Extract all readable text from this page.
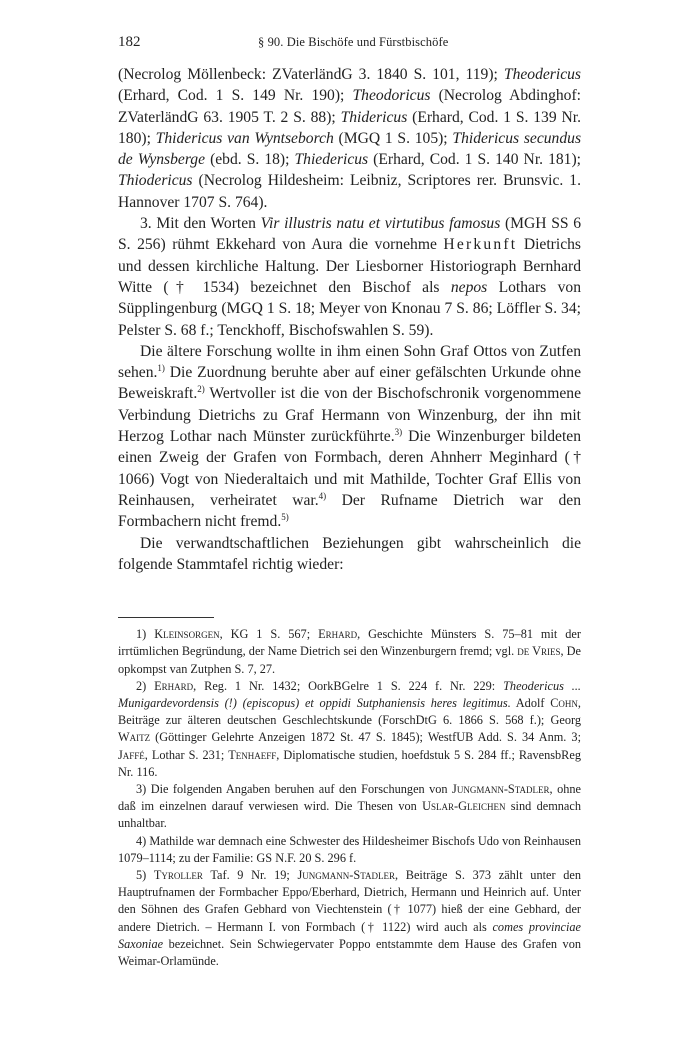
182	§ 90. Die Bischöfe und Fürstbischöfe

(Necrolog Möllenbeck: ZVaterländG 3. 1840 S. 101, 119); Theodericus (Erhard, Cod. 1 S. 149 Nr. 190); Theodoricus (Necrolog Abdinghof: ZVaterländG 63. 1905 T. 2 S. 88); Thidericus (Erhard, Cod. 1 S. 139 Nr. 180); Thidericus van Wyntseborch (MGQ 1 S. 105); Thidericus secundus de Wynsberge (ebd. S. 18); Thiedericus (Erhard, Cod. 1 S. 140 Nr. 181); Thiodericus (Necrolog Hildesheim: Leibniz, Scriptores rer. Brunsvic. 1. Hannover 1707 S. 764).

3. Mit den Worten Vir illustris natu et virtutibus famosus (MGH SS 6 S. 256) rühmt Ekkehard von Aura die vornehme Herkunft Dietrichs und dessen kirchliche Haltung. Der Liesborner Historiograph Bernhard Witte († 1534) bezeichnet den Bischof als nepos Lothars von Süpplingenburg (MGQ 1 S. 18; Meyer von Knonau 7 S. 86; Löffler S. 34; Pelster S. 68 f.; Tenckhoff, Bischofswahlen S. 59).

Die ältere Forschung wollte in ihm einen Sohn Graf Ottos von Zutfen sehen.$^{1)}$ Die Zuordnung beruhte aber auf einer gefälschten Urkunde ohne Beweiskraft.$^{2)}$ Wertvoller ist die von der Bischofschronik vorgenommene Verbindung Dietrichs zu Graf Hermann von Winzenburg, der ihn mit Herzog Lothar nach Münster zurückführte.$^{3)}$ Die Winzenburger bildeten einen Zweig der Grafen von Formbach, deren Ahnherr Meginhard († 1066) Vogt von Niederaltaich und mit Mathilde, Tochter Graf Ellis von Reinhausen, verheiratet war.$^{4)}$ Der Rufname Dietrich war den Formbachern nicht fremd.$^{5)}$

Die verwandtschaftlichen Beziehungen gibt wahrscheinlich die folgende Stammtafel richtig wieder:

1) Kleinsorgen, KG 1 S. 567; Erhard, Geschichte Münsters S. 75–81 mit der irrtümlichen Begründung, der Name Dietrich sei den Winzenburgern fremd; vgl. de Vries, De opkompst van Zutphen S. 7, 27.

2) Erhard, Reg. 1 Nr. 1432; OorkBGelre 1 S. 224 f. Nr. 229: Theodericus ... Munigardevordensis (!) (episcopus) et oppidi Sutphaniensis heres legitimus. Adolf Cohn, Beiträge zur älteren deutschen Geschlechtskunde (ForschDtG 6. 1866 S. 568 f.); Georg Waitz (Göttinger Gelehrte Anzeigen 1872 St. 47 S. 1845); WestfUB Add. S. 34 Anm. 3; Jaffé, Lothar S. 231; Tenhaeff, Diplomatische studien, hoefdstuk 5 S. 284 ff.; RavensbReg Nr. 116.

3) Die folgenden Angaben beruhen auf den Forschungen von Jungmann-Stadler, ohne daß im einzelnen darauf verwiesen wird. Die Thesen von Uslar-Gleichen sind demnach unhaltbar.

4) Mathilde war demnach eine Schwester des Hildesheimer Bischofs Udo von Reinhausen 1079–1114; zu der Familie: GS N.F. 20 S. 296 f.

5) Tyroller Taf. 9 Nr. 19; Jungmann-Stadler, Beiträge S. 373 zählt unter den Hauptrufnamen der Formbacher Eppo/Eberhard, Dietrich, Hermann und Heinrich auf. Unter den Söhnen des Grafen Gebhard von Viechtenstein († 1077) hieß der eine Gebhard, der andere Dietrich. – Hermann I. von Formbach († 1122) wird auch als comes provinciae Saxoniae bezeichnet. Sein Schwiegervater Poppo entstammte dem Hause des Grafen von Weimar-Orlamünde.
